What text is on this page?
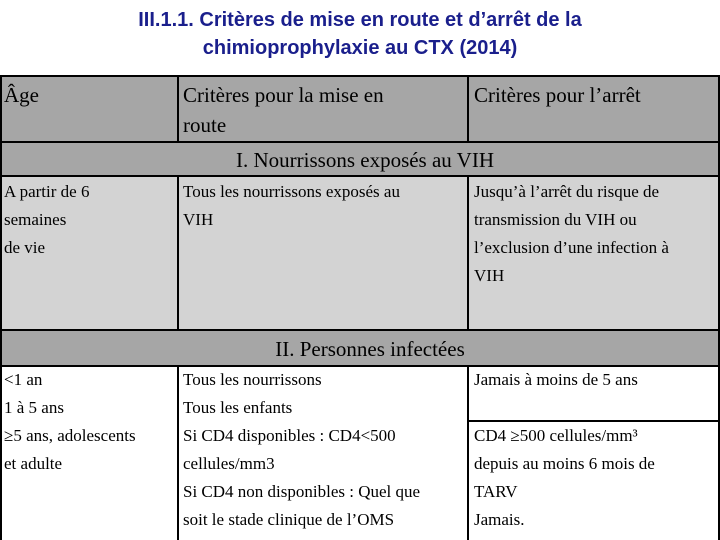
III.1.1. Critères de mise en route et d’arrêt de la
chimioprophylaxie au CTX (2014)
Âge	Critères pour la mise en
route
Critères pour l’arrêt
I. Nourrissons exposés au VIH
A partir de 6
semaines
de vie
Tous les nourrissons exposés au
VIH
Jusqu’à l’arrêt du risque de
transmission du VIH ou
l’exclusion d’une infection à
VIH
II. Personnes infectées
<1 an
1 à 5 ans
≥5 ans, adolescents
et adulte
Tous les nourrissons
Tous les enfants
Si CD4 disponibles : CD4<500
cellules/mm3
Si CD4 non disponibles : Quel que
soit le stade clinique de l’OMS
Jamais à moins de 5 ans
CD4 ≥500 cellules/mm³
depuis au moins 6 mois de
TARV
Jamais.
